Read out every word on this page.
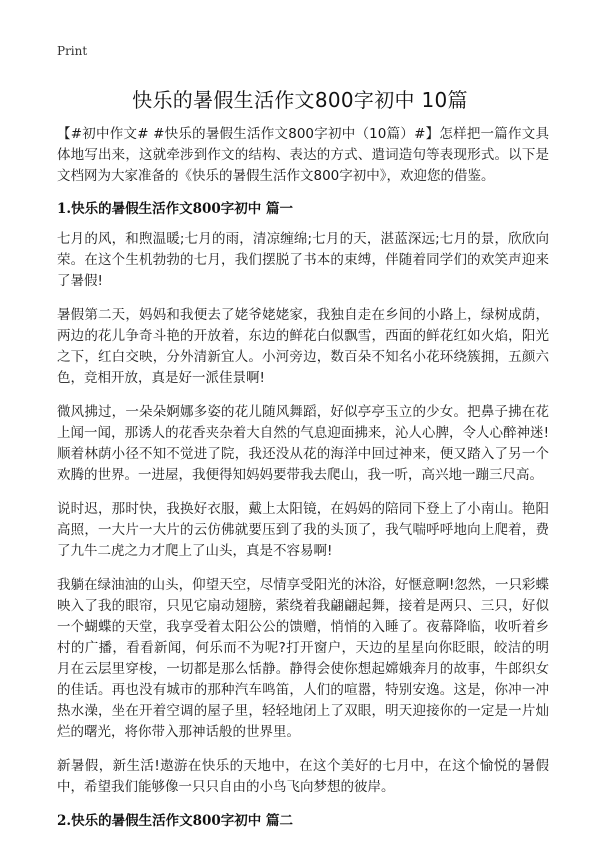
Print
快乐的暑假生活作文800字初中 10篇

【#初中作文# #快乐的暑假生活作文800字初中（10篇）#】怎样把一篇作文具体地写出来，这就牵涉到作文的结构、表达的方式、遣词造句等表现形式。以下是文档网为大家准备的《快乐的暑假生活作文800字初中》，欢迎您的借鉴。

1.快乐的暑假生活作文800字初中 篇一

七月的风，和煦温暖;七月的雨，清凉缠绵;七月的天，湛蓝深远;七月的景，欣欣向荣。在这个生机勃勃的七月，我们摆脱了书本的束缚，伴随着同学们的欢笑声迎来了暑假!

暑假第二天，妈妈和我便去了姥爷姥姥家，我独自走在乡间的小路上，绿树成荫，两边的花儿争奇斗艳的开放着，东边的鲜花白似飘雪，西面的鲜花红如火焰，阳光之下，红白交映，分外清新宜人。小河旁边，数百朵不知名小花环绕簇拥，五颜六色，竞相开放，真是好一派佳景啊!

微风拂过，一朵朵婀娜多姿的花儿随风舞蹈，好似亭亭玉立的少女。把鼻子拂在花上闻一闻，那诱人的花香夹杂着大自然的气息迎面拂来，沁人心脾，令人心醉神迷!顺着林荫小径不知不觉进了院，我还没从花的海洋中回过神来，便又踏入了另一个欢腾的世界。一进屋，我便得知妈妈要带我去爬山，我一听，高兴地一蹦三尺高。

说时迟，那时快，我换好衣服，戴上太阳镜，在妈妈的陪同下登上了小南山。艳阳高照，一大片一大片的云仿佛就要压到了我的头顶了，我气喘呼呼地向上爬着，费了九牛二虎之力才爬上了山头，真是不容易啊!

我躺在绿油油的山头，仰望天空，尽情享受阳光的沐浴，好惬意啊!忽然，一只彩蝶映入了我的眼帘，只见它扇动翅膀，萦绕着我翩翩起舞，接着是两只、三只，好似一个蝴蝶的天堂，我享受着太阳公公的馈赠，悄悄的入睡了。夜幕降临，收听着乡村的广播，看看新闻，何乐而不为呢?打开窗户，天边的星星向你眨眼，皎洁的明月在云层里穿梭，一切都是那么恬静。静得会使你想起嫦娥奔月的故事，牛郎织女的佳话。再也没有城市的那种汽车鸣笛，人们的喧嚣，特别安逸。这是，你冲一冲热水澡，坐在开着空调的屋子里，轻轻地闭上了双眼，明天迎接你的一定是一片灿烂的曙光，将你带入那神话般的世界里。

新暑假，新生活!遨游在快乐的天地中，在这个美好的七月中，在这个愉悦的暑假中，希望我们能够像一只只自由的小鸟飞向梦想的彼岸。

2.快乐的暑假生活作文800字初中 篇二
